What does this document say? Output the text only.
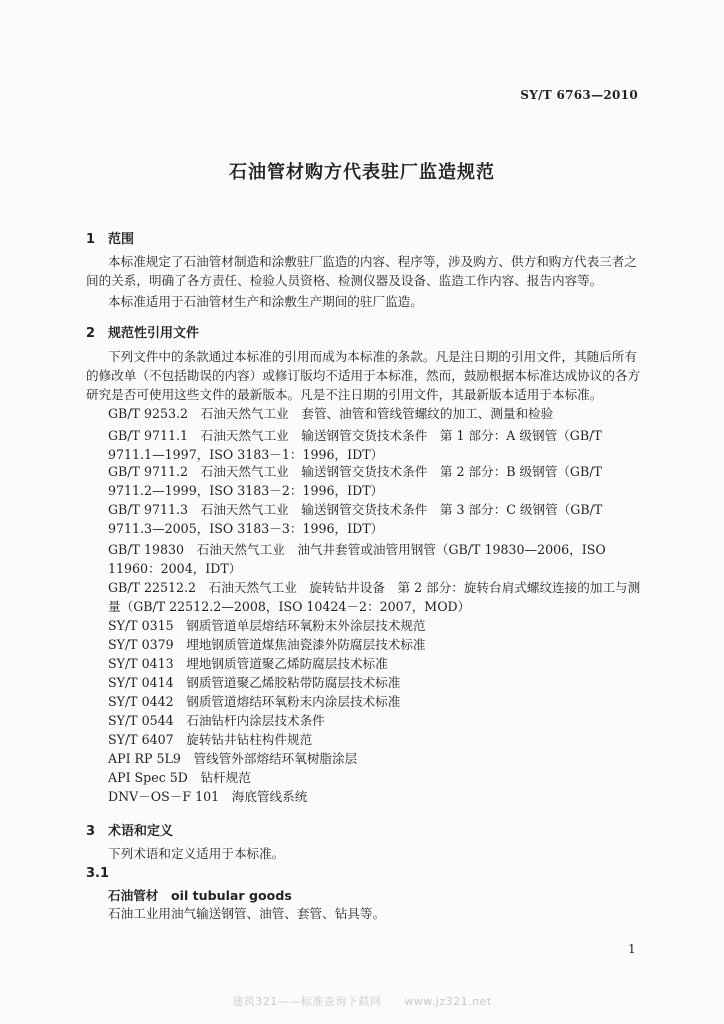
SY/T 6763—2010
石油管材购方代表驻厂监造规范
1 范围
本标准规定了石油管材制造和涂敷驻厂监造的内容、程序等，涉及购方、供方和购方代表三者之间的关系，明确了各方责任、检验人员资格、检测仪器及设备、监造工作内容、报告内容等。
本标准适用于石油管材生产和涂敷生产期间的驻厂监造。
2 规范性引用文件
下列文件中的条款通过本标准的引用而成为本标准的条款。凡是注日期的引用文件，其随后所有的修改单（不包括勘误的内容）或修订版均不适用于本标准，然而，鼓励根据本标准达成协议的各方研究是否可使用这些文件的最新版本。凡是不注日期的引用文件，其最新版本适用于本标准。
GB/T 9253.2　石油天然气工业　套管、油管和管线管螺纹的加工、测量和检验
GB/T 9711.1　石油天然气工业　输送钢管交货技术条件　第 1 部分：A 级钢管（GB/T 9711.1—1997，ISO 3183－1：1996，IDT）
GB/T 9711.2　石油天然气工业　输送钢管交货技术条件　第 2 部分：B 级钢管（GB/T 9711.2—1999，ISO 3183－2：1996，IDT）
GB/T 9711.3　石油天然气工业　输送钢管交货技术条件　第 3 部分：C 级钢管（GB/T 9711.3—2005，ISO 3183－3：1996，IDT）
GB/T 19830　石油天然气工业　油气井套管或油管用钢管（GB/T 19830—2006，ISO 11960：2004，IDT）
GB/T 22512.2　石油天然气工业　旋转钻井设备　第 2 部分：旋转台肩式螺纹连接的加工与测量（GB/T 22512.2—2008，ISO 10424－2：2007，MOD）
SY/T 0315　钢质管道单层熔结环氧粉末外涂层技术规范
SY/T 0379　埋地钢质管道煤焦油瓷漆外防腐层技术标准
SY/T 0413　埋地钢质管道聚乙烯防腐层技术标准
SY/T 0414　钢质管道聚乙烯胶粘带防腐层技术标准
SY/T 0442　钢质管道熔结环氧粉末内涂层技术标准
SY/T 0544　石油钻杆内涂层技术条件
SY/T 6407　旋转钻井钻柱构件规范
API RP 5L9　管线管外部熔结环氧树脂涂层
API Spec 5D　钻杆规范
DNV－OS－F 101　海底管线系统
3 术语和定义
下列术语和定义适用于本标准。
3.1
石油管材　oil tubular goods
石油工业用油气输送钢管、油管、套管、钻具等。
1
建筑321——标准查询下载网　　www.jz321.net
